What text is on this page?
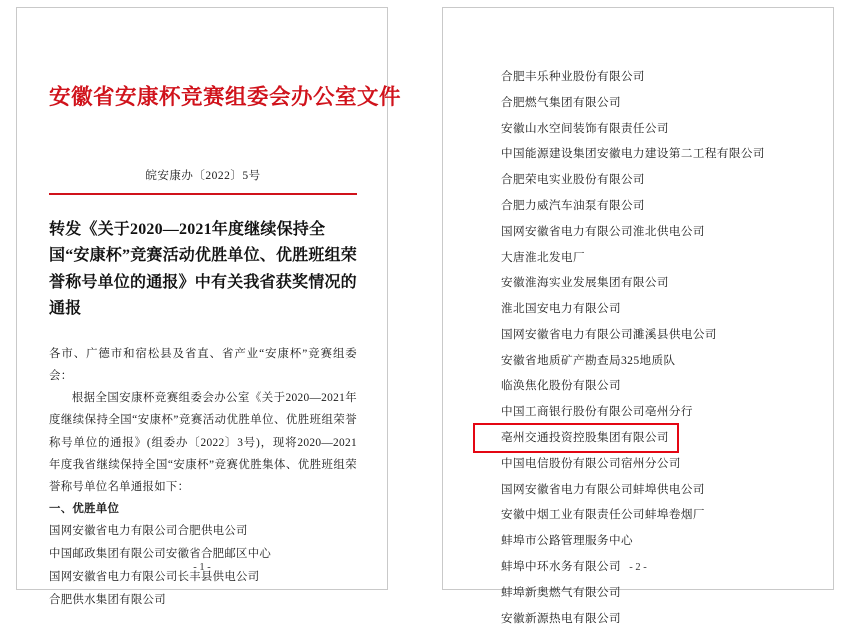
安徽省安康杯竞赛组委会办公室文件
皖安康办〔2022〕5号
转发《关于2020—2021年度继续保持全国“安康杯”竞赛活动优胜单位、优胜班组荣誉称号单位的通报》中有关我省获奖情况的通报

各市、广德市和宿松县及省直、省产业“安康杯”竞赛组委会：

根据全国安康杯竞赛组委会办公室《关于2020—2021年度继续保持全国“安康杯”竞赛活动优胜单位、优胜班组荣誉称号单位的通报》(组委办〔2022〕3号)，现将2020—2021年度我省继续保持全国“安康杯”竞赛优胜集体、优胜班组荣誉称号单位名单通报如下：

一、优胜单位

国网安徽省电力有限公司合肥供电公司

中国邮政集团有限公司安徽省合肥邮区中心

国网安徽省电力有限公司长丰县供电公司

合肥供水集团有限公司

- 1 -
合肥丰乐种业股份有限公司
合肥燃气集团有限公司
安徽山水空间装饰有限责任公司
中国能源建设集团安徽电力建设第二工程有限公司
合肥荣电实业股份有限公司
合肥力威汽车油泵有限公司
国网安徽省电力有限公司淮北供电公司
大唐淮北发电厂
安徽淮海实业发展集团有限公司
淮北国安电力有限公司
国网安徽省电力有限公司濉溪县供电公司
安徽省地质矿产勘查局325地质队
临涣焦化股份有限公司
中国工商银行股份有限公司亳州分行
亳州交通投资控股集团有限公司
中国电信股份有限公司宿州分公司
国网安徽省电力有限公司蚌埠供电公司
安徽中烟工业有限责任公司蚌埠卷烟厂
蚌埠市公路管理服务中心
蚌埠中环水务有限公司
蚌埠新奥燃气有限公司
安徽新源热电有限公司
- 2 -
